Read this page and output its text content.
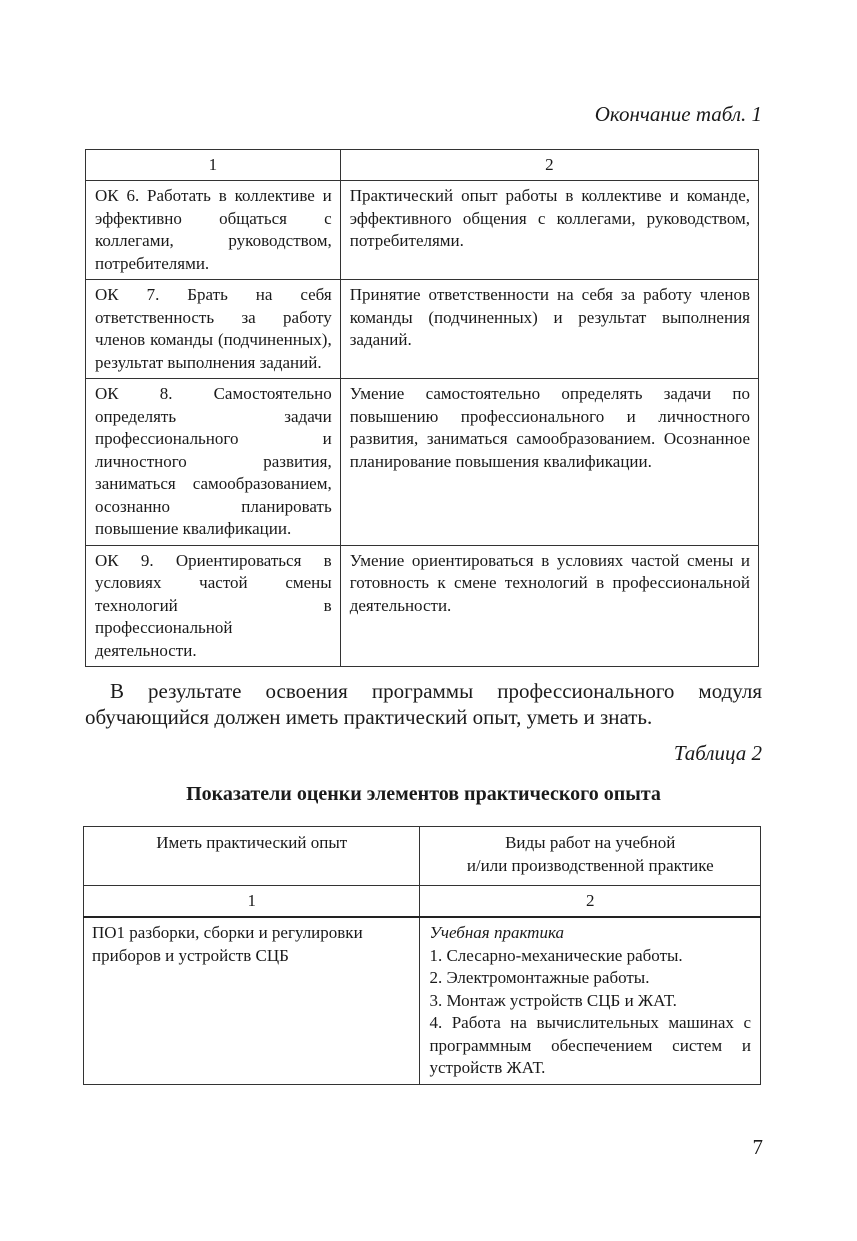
Окончание табл. 1
1	2
ОК 6. Работать в коллективе и эффективно общаться с коллегами, руководством, потребителями.	Практический опыт работы в коллективе и команде, эффективного общения с коллегами, руководством, потребителями.
ОК 7. Брать на себя ответственность за работу членов команды (подчиненных), результат выполнения заданий.	Принятие ответственности на себя за работу членов команды (подчиненных) и результат выполнения заданий.
ОК 8. Самостоятельно определять задачи профессионального и личностного развития, заниматься самообразованием, осознанно планировать повышение квалификации.	Умение самостоятельно определять задачи по повышению профессионального и личностного развития, заниматься самообразованием. Осознанное планирование повышения квалификации.
ОК 9. Ориентироваться в условиях частой смены технологий в профессиональной деятельности.	Умение ориентироваться в условиях частой смены и готовность к смене технологий в профессиональной деятельности.

В результате освоения программы профессионального модуля обучающийся должен иметь практический опыт, уметь и знать.

Таблица 2
Показатели оценки элементов практического опыта
Иметь практический опыт	Виды работ на учебной
и/или производственной практике

1	2
ПО1 разборки, сборки и регулировки приборов и устройств СЦБ	Учебная практика
1. Слесарно-механические работы.
2. Электромонтажные работы.
3. Монтаж устройств СЦБ и ЖАТ.
4. Работа на вычислительных машинах с программным обеспечением систем и устройств ЖАТ.
7
